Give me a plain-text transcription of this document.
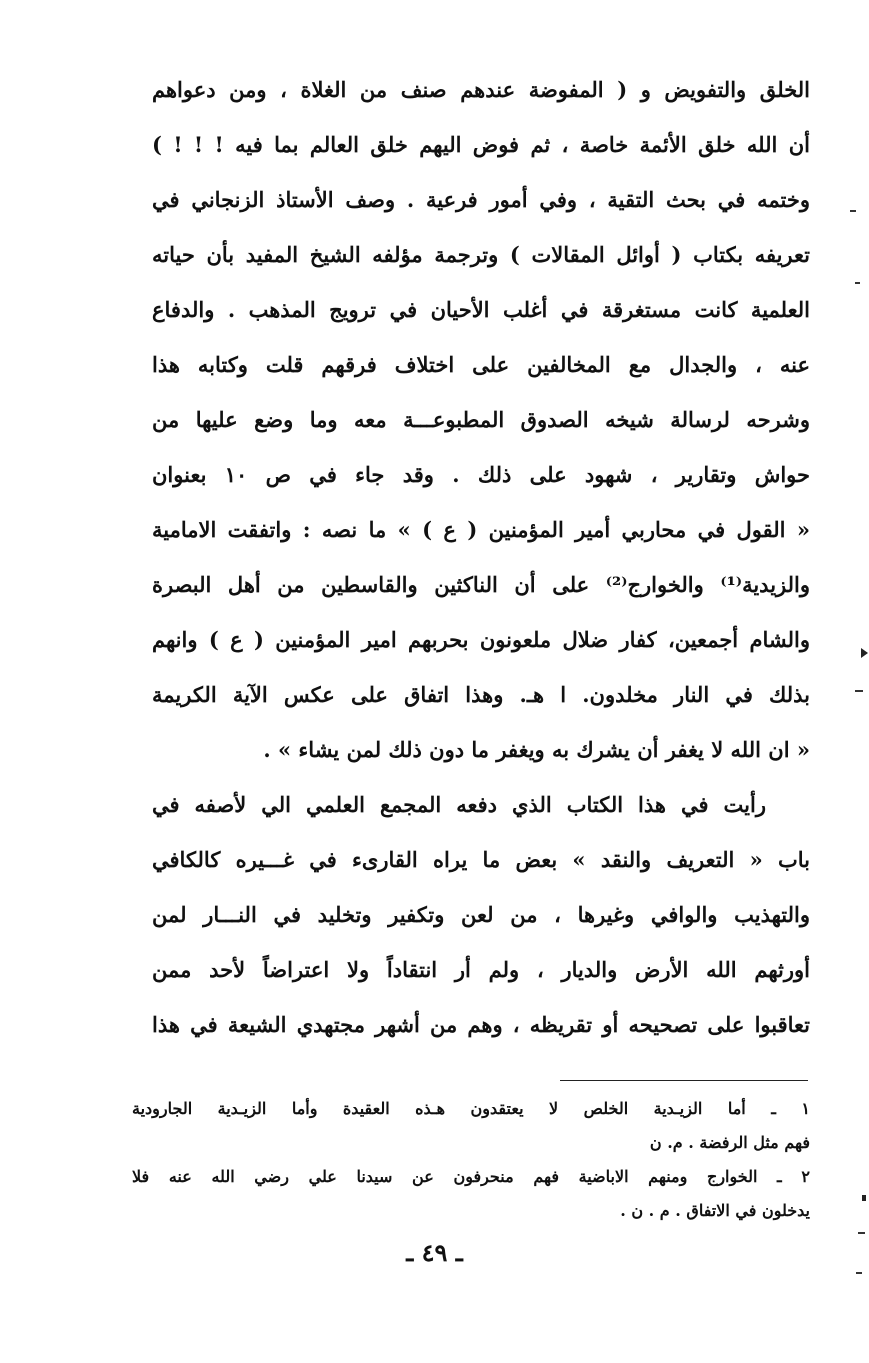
الخلق والتفويض و ( المفوضة عندهم صنف من الغلاة ، ومن دعواهم
أن الله خلق الأئمة خاصة ، ثم فوض اليهم خلق العالم بما فيه ! ! ! )
وختمه في بحث التقية ، وفي أمور فرعية . وصف الأستاذ الزنجاني في
تعريفه بكتاب ( أوائل المقالات ) وترجمة مؤلفه الشيخ المفيد بأن حياته
العلمية كانت مستغرقة في أغلب الأحيان في ترويج المذهب . والدفاع
عنه ، والجدال مع المخالفين على اختلاف فرقهم قلت وكتابه هذا
وشرحه لرسالة شيخه الصدوق المطبوعـــة معه وما وضع عليها من
حواش وتقارير ، شهود على ذلك . وقد جاء في ص ١٠ بعنوان
« القول في محاربي أمير المؤمنين ( ع ) » ما نصه : واتفقت الامامية
والزيدية⁽¹⁾ والخوارج⁽²⁾ على أن الناكثين والقاسطين من أهل البصرة
والشام أجمعين، كفار ضلال ملعونون بحربهم امير المؤمنين ( ع ) وانهم
بذلك في النار مخلدون. ا هـ. وهذا اتفاق على عكس الآية الكريمة
« ان الله لا يغفر أن يشرك به ويغفر ما دون ذلك لمن يشاء » .
رأيت في هذا الكتاب الذي دفعه المجمع العلمي الي لأصفه في
باب « التعريف والنقد » بعض ما يراه القارىء في غـــيره كالكافي
والتهذيب والوافي وغيرها ، من لعن وتكفير وتخليد في النـــار لمن
أورثهم الله الأرض والديار ، ولم أر انتقاداً ولا اعتراضاً لأحد ممن
تعاقبوا على تصحيحه أو تقريظه ، وهم من أشهر مجتهدي الشيعة في هذا
١ ـ أما الزيـدية الخلص لا يعتقدون هـذه العقيدة وأما الزيـدية الجارودية
فهم مثل الرفضة . م. ن
٢ ـ الخوارج ومنهم الاباضية فهم منحرفون عن سيدنا علي رضي الله عنه فلا
يدخلون في الاتفاق . م . ن .
ـ ٤٩ ـ
